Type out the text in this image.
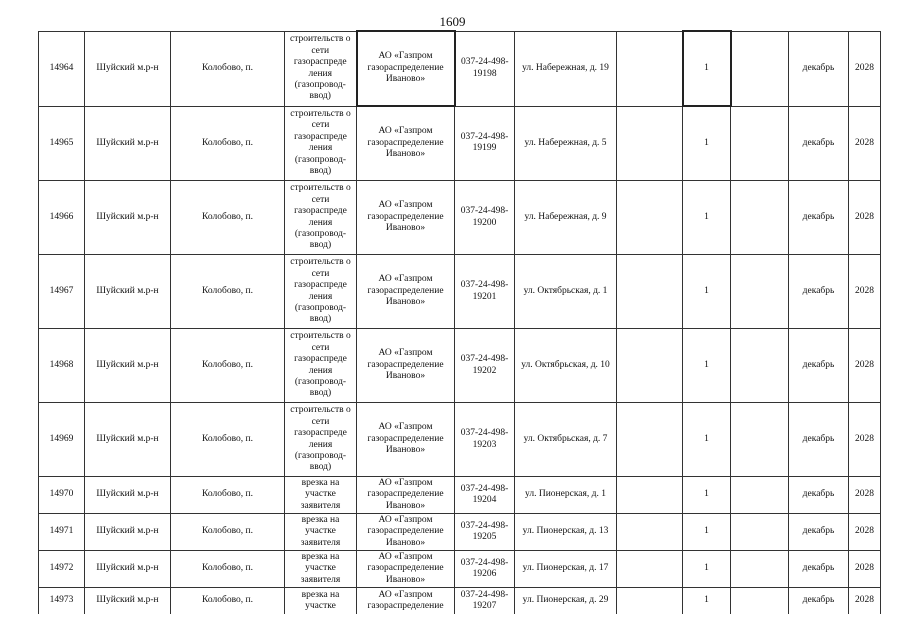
1609
14964	Шуйский м.р-н	Колобово, п.	строительств о сети газораспреде ления (газопровод-ввод)	АО «Газпром газораспределение Иваново»	037-24-498-19198	ул. Набережная, д. 19		1		декабрь	2028
14965	Шуйский м.р-н	Колобово, п.	строительств о сети газораспреде ления (газопровод-ввод)	АО «Газпром газораспределение Иваново»	037-24-498-19199	ул. Набережная, д. 5		1		декабрь	2028
14966	Шуйский м.р-н	Колобово, п.	строительств о сети газораспреде ления (газопровод-ввод)	АО «Газпром газораспределение Иваново»	037-24-498-19200	ул. Набережная, д. 9		1		декабрь	2028
14967	Шуйский м.р-н	Колобово, п.	строительств о сети газораспреде ления (газопровод-ввод)	АО «Газпром газораспределение Иваново»	037-24-498-19201	ул. Октябрьская, д. 1		1		декабрь	2028
14968	Шуйский м.р-н	Колобово, п.	строительств о сети газораспреде ления (газопровод-ввод)	АО «Газпром газораспределение Иваново»	037-24-498-19202	ул. Октябрьская, д. 10		1		декабрь	2028
14969	Шуйский м.р-н	Колобово, п.	строительств о сети газораспреде ления (газопровод-ввод)	АО «Газпром газораспределение Иваново»	037-24-498-19203	ул. Октябрьская, д. 7		1		декабрь	2028
14970	Шуйский м.р-н	Колобово, п.	врезка на участке заявителя	АО «Газпром газораспределение Иваново»	037-24-498-19204	ул. Пионерская, д. 1		1		декабрь	2028
14971	Шуйский м.р-н	Колобово, п.	врезка на участке заявителя	АО «Газпром газораспределение Иваново»	037-24-498-19205	ул. Пионерская, д. 13		1		декабрь	2028
14972	Шуйский м.р-н	Колобово, п.	врезка на участке заявителя	АО «Газпром газораспределение Иваново»	037-24-498-19206	ул. Пионерская, д. 17		1		декабрь	2028
14973	Шуйский м.р-н	Колобово, п.	врезка на участке	АО «Газпром газораспределение	037-24-498-19207	ул. Пионерская, д. 29		1		декабрь	2028
